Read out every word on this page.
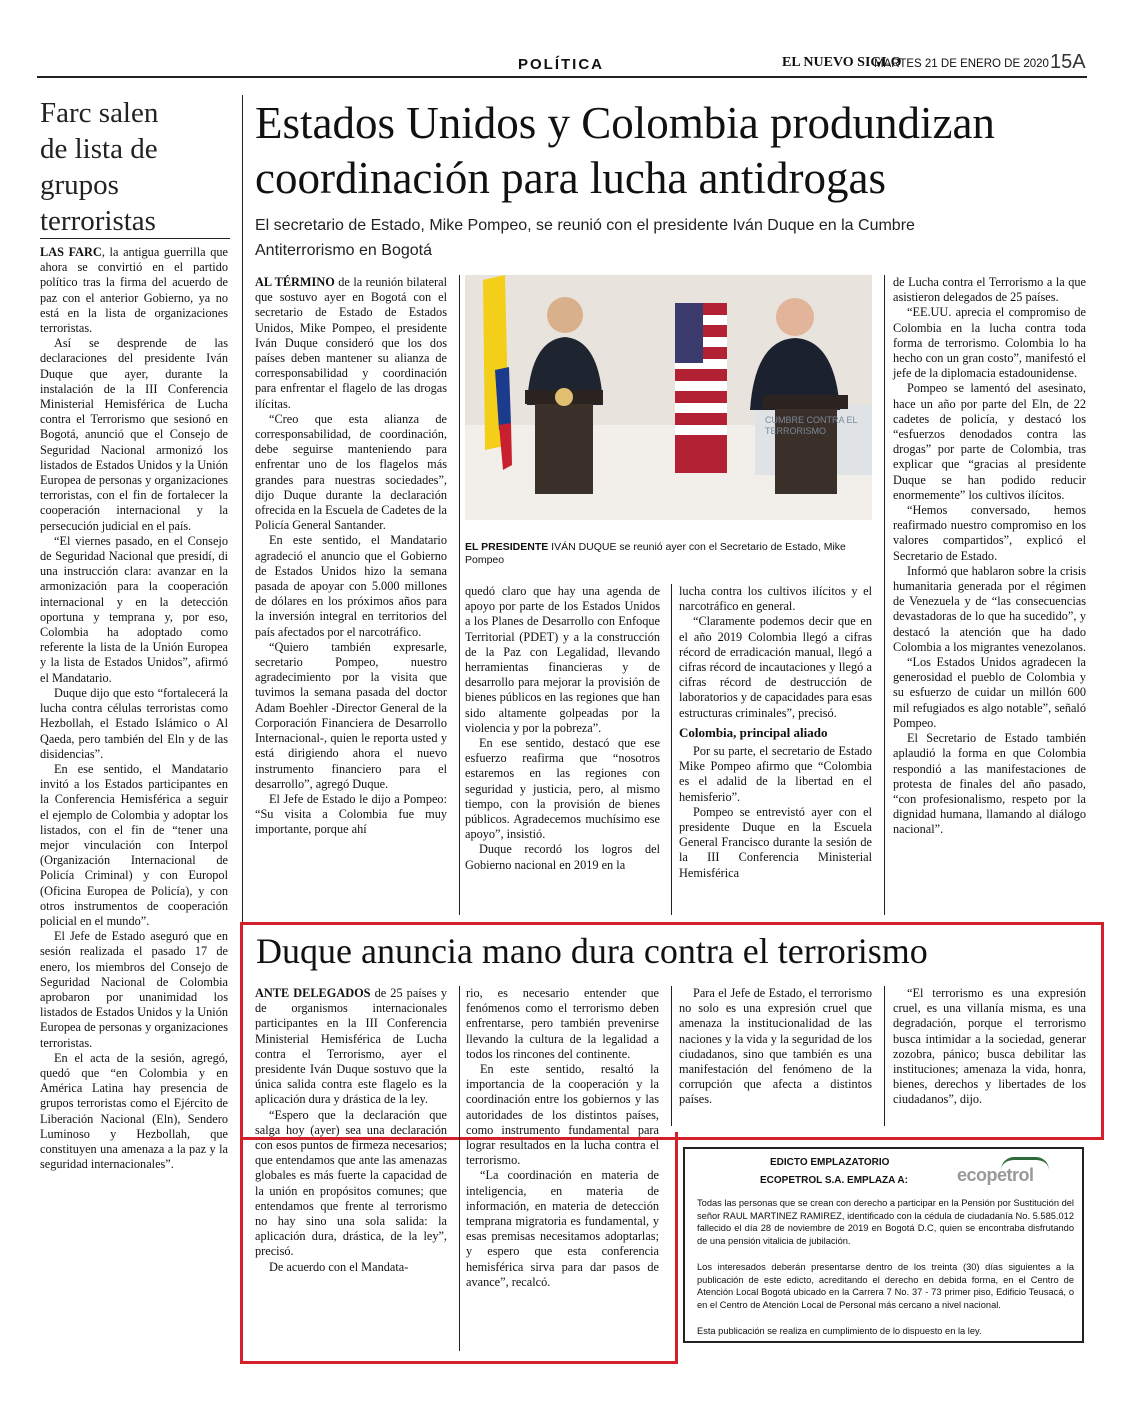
POLÍTICA	EL NUEVO SIGLO
MARTES 21 DE ENERO DE 2020 15A
Farc salen de lista de grupos terroristas

LAS FARC, la antigua guerrilla que ahora se convirtió en el partido político tras la firma del acuerdo de paz con el anterior Gobierno, ya no está en la lista de organizaciones terroristas.

Así se desprende de las declaraciones del presidente Iván Duque que ayer, durante la instalación de la III Conferencia Ministerial Hemisférica de Lucha contra el Terrorismo que sesionó en Bogotá, anunció que el Consejo de Seguridad Nacional armonizó los listados de Estados Unidos y la Unión Europea de personas y organizaciones terroristas, con el fin de fortalecer la cooperación internacional y la persecución judicial en el país.

“El viernes pasado, en el Consejo de Seguridad Nacional que presidí, di una instrucción clara: avanzar en la armonización para la cooperación internacional y en la detección oportuna y temprana y, por eso, Colombia ha adoptado como referente la lista de la Unión Europea y la lista de Estados Unidos”, afirmó el Mandatario.

Duque dijo que esto “fortalecerá la lucha contra células terroristas como Hezbollah, el Estado Islámico o Al Qaeda, pero también del Eln y de las disidencias”.

En ese sentido, el Mandatario invitó a los Estados participantes en la Conferencia Hemisférica a seguir el ejemplo de Colombia y adoptar los listados, con el fin de “tener una mejor vinculación con Interpol (Organización Internacional de Policía Criminal) y con Europol (Oficina Europea de Policía), y con otros instrumentos de cooperación policial en el mundo”.

El Jefe de Estado aseguró que en sesión realizada el pasado 17 de enero, los miembros del Consejo de Seguridad Nacional de Colombia aprobaron por unanimidad los listados de Estados Unidos y la Unión Europea de personas y organizaciones terroristas.

En el acta de la sesión, agregó, quedó que “en Colombia y en América Latina hay presencia de grupos terroristas como el Ejército de Liberación Nacional (Eln), Sendero Luminoso y Hezbollah, que constituyen una amenaza a la paz y la seguridad internacionales”.

Estados Unidos y Colombia produndizan
coordinación para lucha antidrogas
El secretario de Estado, Mike Pompeo, se reunió con el presidente Iván Duque en la Cumbre
Antiterrorismo en Bogotá

AL TÉRMINO de la reunión bilateral que sostuvo ayer en Bogotá con el secretario de Estado de Estados Unidos, Mike Pompeo, el presidente Iván Duque consideró que los dos países deben mantener su alianza de corresponsabilidad y coordinación para enfrentar el flagelo de las drogas ilícitas.

“Creo que esta alianza de corresponsabilidad, de coordinación, debe seguirse manteniendo para enfrentar uno de los flagelos más grandes para nuestras sociedades”, dijo Duque durante la declaración ofrecida en la Escuela de Cadetes de la Policía General Santander.

En este sentido, el Mandatario agradeció el anuncio que el Gobierno de Estados Unidos hizo la semana pasada de apoyar con 5.000 millones de dólares en los próximos años para la inversión integral en territorios del país afectados por el narcotráfico.

“Quiero también expresarle, secretario Pompeo, nuestro agradecimiento por la visita que tuvimos la semana pasada del doctor Adam Boehler -Director General de la Corporación Financiera de Desarrollo Internacional-, quien le reporta usted y está dirigiendo ahora el nuevo instrumento financiero para el desarrollo”, agregó Duque.

El Jefe de Estado le dijo a Pompeo: “Su visita a Colombia fue muy importante, porque ahí

CUMBRE CONTRA EL TERRORISMO
EL PRESIDENTE IVÁN DUQUE se reunió ayer con el Secretario de Estado, Mike Pompeo

quedó claro que hay una agenda de apoyo por parte de los Estados Unidos a los Planes de Desarrollo con Enfoque Territorial (PDET) y a la construcción de la Paz con Legalidad, llevando herramientas financieras y de desarrollo para mejorar la provisión de bienes públicos en las regiones que han sido altamente golpeadas por la violencia y por la pobreza”.

En ese sentido, destacó que ese esfuerzo reafirma que “nosotros estaremos en las regiones con seguridad y justicia, pero, al mismo tiempo, con la provisión de bienes públicos. Agradecemos muchísimo ese apoyo”, insistió.

Duque recordó los logros del Gobierno nacional en 2019 en la

lucha contra los cultivos ilícitos y el narcotráfico en general.

“Claramente podemos decir que en el año 2019 Colombia llegó a cifras récord de erradicación manual, llegó a cifras récord de incautaciones y llegó a cifras récord de destrucción de laboratorios y de capacidades para esas estructuras criminales”, precisó.

Colombia, principal aliado

Por su parte, el secretario de Estado Mike Pompeo afirmo que “Colombia es el adalid de la libertad en el hemisferio”.

Pompeo se entrevistó ayer con el presidente Duque en la Escuela General Francisco durante la sesión de la III Conferencia Ministerial Hemisférica

de Lucha contra el Terrorismo a la que asistieron delegados de 25 países.

“EE.UU. aprecia el compromiso de Colombia en la lucha contra toda forma de terrorismo. Colombia lo ha hecho con un gran costo”, manifestó el jefe de la diplomacia estadounidense.

Pompeo se lamentó del asesinato, hace un año por parte del Eln, de 22 cadetes de policía, y destacó los “esfuerzos denodados contra las drogas” por parte de Colombia, tras explicar que “gracias al presidente Duque se han podido reducir enormemente” los cultivos ilícitos.

“Hemos conversado, hemos reafirmado nuestro compromiso en los valores compartidos”, explicó el Secretario de Estado.

Informó que hablaron sobre la crisis humanitaria generada por el régimen de Venezuela y de “las consecuencias devastadoras de lo que ha sucedido”, y destacó la atención que ha dado Colombia a los migrantes venezolanos.

“Los Estados Unidos agradecen la generosidad el pueblo de Colombia y su esfuerzo de cuidar un millón 600 mil refugiados es algo notable”, señaló Pompeo.

El Secretario de Estado también aplaudió la forma en que Colombia respondió a las manifestaciones de protesta de finales del año pasado, “con profesionalismo, respeto por la dignidad humana, llamando al diálogo nacional”.

Duque anuncia mano dura contra el terrorismo

ANTE DELEGADOS de 25 países y de organismos internacionales participantes en la III Conferencia Ministerial Hemisférica de Lucha contra el Terrorismo, ayer el presidente Iván Duque sostuvo que la única salida contra este flagelo es la aplicación dura y drástica de la ley.

“Espero que la declaración que salga hoy (ayer) sea una declaración con esos puntos de firmeza necesarios; que entendamos que ante las amenazas globales es más fuerte la capacidad de la unión en propósitos comunes; que entendamos que frente al terrorismo no hay sino una sola salida: la aplicación dura, drástica, de la ley”, precisó.

De acuerdo con el Mandata-

rio, es necesario entender que fenómenos como el terrorismo deben enfrentarse, pero también prevenirse llevando la cultura de la legalidad a todos los rincones del continente.

En este sentido, resaltó la importancia de la cooperación y la coordinación entre los gobiernos y las autoridades de los distintos países, como instrumento fundamental para lograr resultados en la lucha contra el terrorismo.

“La coordinación en materia de inteligencia, en materia de información, en materia de detección temprana migratoria es fundamental, y esas premisas necesitamos adoptarlas; y espero que esta conferencia hemisférica sirva para dar pasos de avance”, recalcó.

Para el Jefe de Estado, el terrorismo no solo es una expresión cruel que amenaza la institucionalidad de las naciones y la vida y la seguridad de los ciudadanos, sino que también es una manifestación del fenómeno de la corrupción que afecta a distintos países.

“El terrorismo es una expresión cruel, es una villanía misma, es una degradación, porque el terrorismo busca intimidar a la sociedad, generar zozobra, pánico; busca debilitar las instituciones; amenaza la vida, honra, bienes, derechos y libertades de los ciudadanos”, dijo.

EDICTO EMPLAZATORIO
ECOPETROL S.A. EMPLAZA A:	ecopetrol
Todas las personas que se crean con derecho a participar en la Pensión por Sustitución del señor RAUL MARTINEZ RAMIREZ, identificado con la cédula de ciudadanía No. 5.585.012 fallecido el día 28 de noviembre de 2019 en Bogotá D.C, quien se encontraba disfrutando de una pensión vitalicia de jubilación.
Los interesados deberán presentarse dentro de los treinta (30) días siguientes a la publicación de este edicto, acreditando el derecho en debida forma, en el Centro de Atención Local Bogotá ubicado en la Carrera 7 No. 37 - 73 primer piso, Edificio Teusacá, o en el Centro de Atención Local de Personal más cercano a nivel nacional.
Esta publicación se realiza en cumplimiento de lo dispuesto en la ley.
